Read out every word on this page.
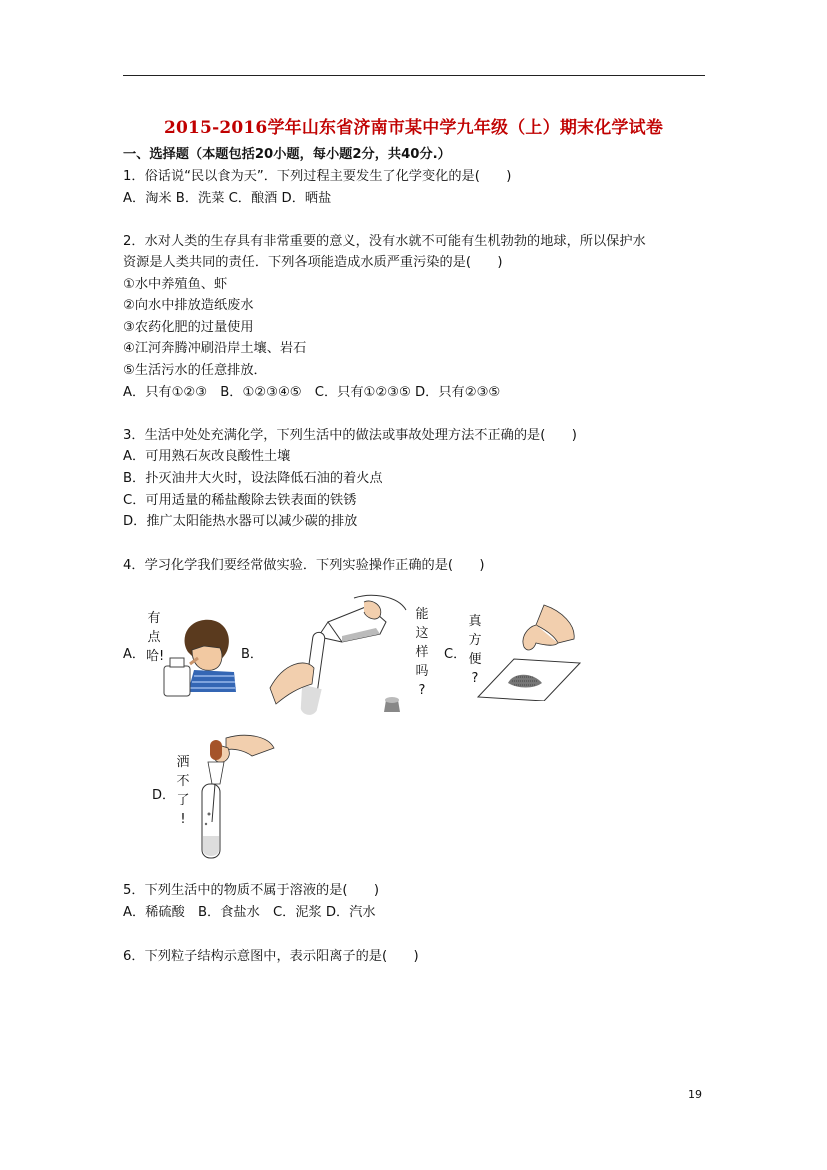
2015-2016学年山东省济南市某中学九年级（上）期末化学试卷
一、选择题（本题包括20小题，每小题2分，共40分.）
1．俗话说“民以食为天”．下列过程主要发生了化学变化的是(　　)
A．淘米 B．洗菜 C．酿酒 D．晒盐
2．水对人类的生存具有非常重要的意义，没有水就不可能有生机勃勃的地球，所以保护水
资源是人类共同的责任．下列各项能造成水质严重污染的是(　　)
①水中养殖鱼、虾
②向水中排放造纸废水
③农药化肥的过量使用
④江河奔腾冲刷沿岸土壤、岩石
⑤生活污水的任意排放．
A．只有①②③　B．①②③④⑤　C．只有①②③⑤ D．只有②③⑤
3．生活中处处充满化学，下列生活中的做法或事故处理方法不正确的是(　　)
A．可用熟石灰改良酸性土壤
B．扑灭油井大火时，设法降低石油的着火点
C．可用适量的稀盐酸除去铁表面的铁锈
D．推广太阳能热水器可以减少碳的排放
4．学习化学我们要经常做实验．下列实验操作正确的是(　　)
A．
有
点
哈!	B．
能
这
样
吗
?
C．
真
方
便
?
D．
洒
不
了
!
5．下列生活中的物质不属于溶液的是(　　)
A．稀硫酸　B．食盐水　C．泥浆 D．汽水
6．下列粒子结构示意图中，表示阳离子的是(　　)
19
